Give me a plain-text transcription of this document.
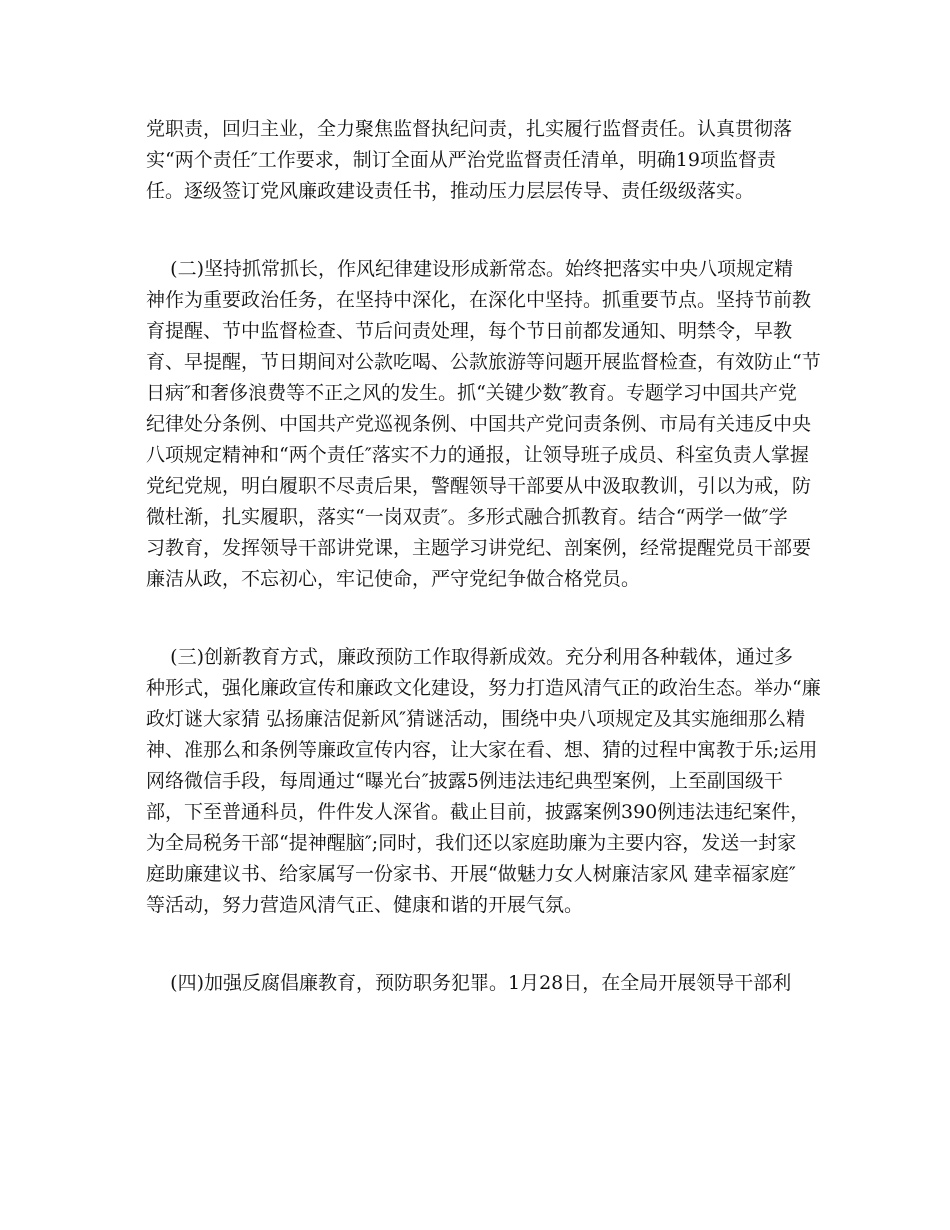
党职责，回归主业，全力聚焦监督执纪问责，扎实履行监督责任。认真贯彻落
实“两个责任″工作要求，制订全面从严治党监督责任清单，明确19项监督责
任。逐级签订党风廉政建设责任书，推动压力层层传导、责任级级落实。
(二)坚持抓常抓长，作风纪律建设形成新常态。始终把落实中央八项规定精
神作为重要政治任务，在坚持中深化，在深化中坚持。抓重要节点。坚持节前教
育提醒、节中监督检查、节后问责处理，每个节日前都发通知、明禁令，早教
育、早提醒，节日期间对公款吃喝、公款旅游等问题开展监督检查，有效防止“节
日病″和奢侈浪费等不正之风的发生。抓“关键少数″教育。专题学习中国共产党
纪律处分条例、中国共产党巡视条例、中国共产党问责条例、市局有关违反中央
八项规定精神和“两个责任″落实不力的通报，让领导班子成员、科室负责人掌握
党纪党规，明白履职不尽责后果，警醒领导干部要从中汲取教训，引以为戒，防
微杜渐，扎实履职，落实“一岗双责″。多形式融合抓教育。结合“两学一做″学
习教育，发挥领导干部讲党课，主题学习讲党纪、剖案例，经常提醒党员干部要
廉洁从政，不忘初心，牢记使命，严守党纪争做合格党员。
(三)创新教育方式，廉政预防工作取得新成效。充分利用各种载体，通过多
种形式，强化廉政宣传和廉政文化建设，努力打造风清气正的政治生态。举办“廉
政灯谜大家猜 弘扬廉洁促新风″猜谜活动，围绕中央八项规定及其实施细那么精
神、准那么和条例等廉政宣传内容，让大家在看、想、猜的过程中寓教于乐;运用
网络微信手段，每周通过“曝光台″披露5例违法违纪典型案例，上至副国级干
部，下至普通科员，件件发人深省。截止目前，披露案例390例违法违纪案件，
为全局税务干部“提神醒脑″;同时，我们还以家庭助廉为主要内容，发送一封家
庭助廉建议书、给家属写一份家书、开展“做魅力女人树廉洁家风 建幸福家庭″
等活动，努力营造风清气正、健康和谐的开展气氛。
(四)加强反腐倡廉教育，预防职务犯罪。1月28日，在全局开展领导干部利
